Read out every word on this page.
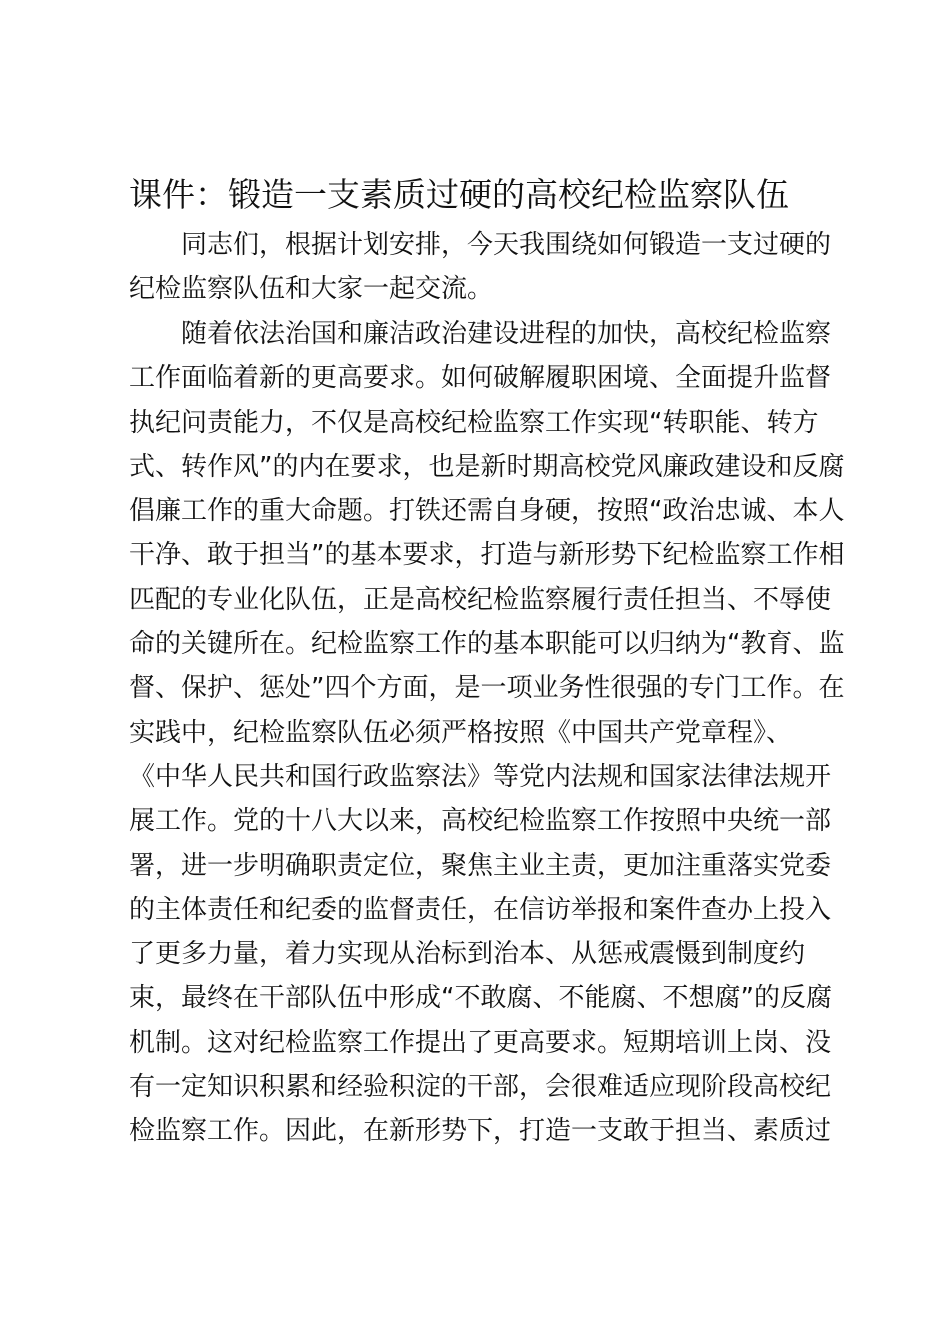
课件：锻造一支素质过硬的高校纪检监察队伍
同志们，根据计划安排，今天我围绕如何锻造一支过硬的
纪检监察队伍和大家一起交流。
随着依法治国和廉洁政治建设进程的加快，高校纪检监察
工作面临着新的更高要求。如何破解履职困境、全面提升监督
执纪问责能力，不仅是高校纪检监察工作实现“转职能、转方
式、转作风”的内在要求，也是新时期高校党风廉政建设和反腐
倡廉工作的重大命题。打铁还需自身硬，按照“政治忠诚、本人
干净、敢于担当”的基本要求，打造与新形势下纪检监察工作相
匹配的专业化队伍，正是高校纪检监察履行责任担当、不辱使
命的关键所在。纪检监察工作的基本职能可以归纳为“教育、监
督、保护、惩处”四个方面，是一项业务性很强的专门工作。在
实践中，纪检监察队伍必须严格按照《中国共产党章程》、
《中华人民共和国行政监察法》等党内法规和国家法律法规开
展工作。党的十八大以来，高校纪检监察工作按照中央统一部
署，进一步明确职责定位，聚焦主业主责，更加注重落实党委
的主体责任和纪委的监督责任，在信访举报和案件查办上投入
了更多力量，着力实现从治标到治本、从惩戒震慑到制度约
束，最终在干部队伍中形成“不敢腐、不能腐、不想腐”的反腐
机制。这对纪检监察工作提出了更高要求。短期培训上岗、没
有一定知识积累和经验积淀的干部，会很难适应现阶段高校纪
检监察工作。因此，在新形势下，打造一支敢于担当、素质过
